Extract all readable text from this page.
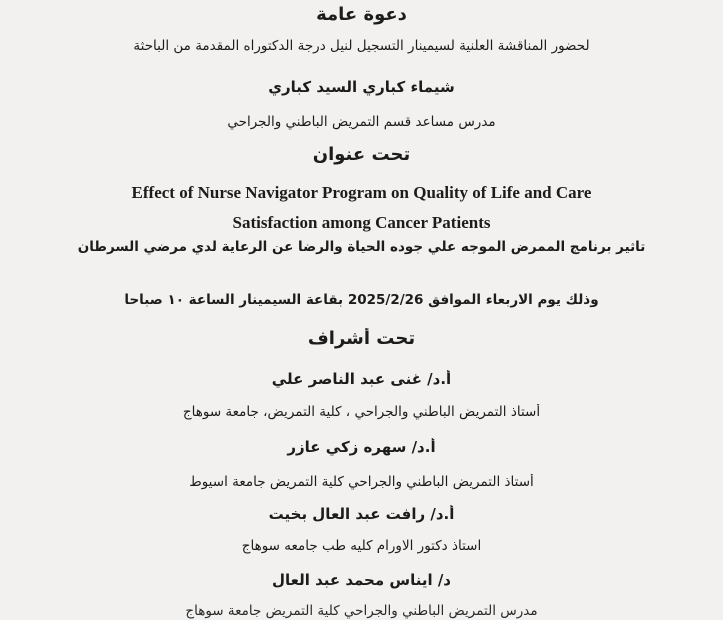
دعوة عامة
لحضور المناقشة العلنية لسيمينار التسجيل لنيل درجة الدكتوراه المقدمة من الباحثة
شيماء كباري السيد كباري
مدرس مساعد قسم التمريض الباطني والجراحي
تحت عنوان
Effect of Nurse Navigator Program on Quality of Life and Care
Satisfaction among Cancer Patients
تاثير برنامج الممرض الموجه علي جوده الحياة والرضا عن الرعاية لدي مرضي السرطان
وذلك يوم الاربعاء الموافق 2025/2/26 بقاعة السيمينار الساعة ١٠ صباحا
تحت أشراف
أ.د/ غنى عبد الناصر علي
أستاذ التمريض الباطني والجراحي ، كلية التمريض، جامعة سوهاج
أ.د/ سهره زكي عازر
أستاذ التمريض الباطني والجراحي كلية التمريض جامعة اسيوط
أ.د/ رافت عبد العال بخيت
استاذ دكتور الاورام كليه طب جامعه سوهاج
د/ ايناس محمد عبد العال
مدرس التمريض الباطني والجراحي كلية التمريض جامعة سوهاج
